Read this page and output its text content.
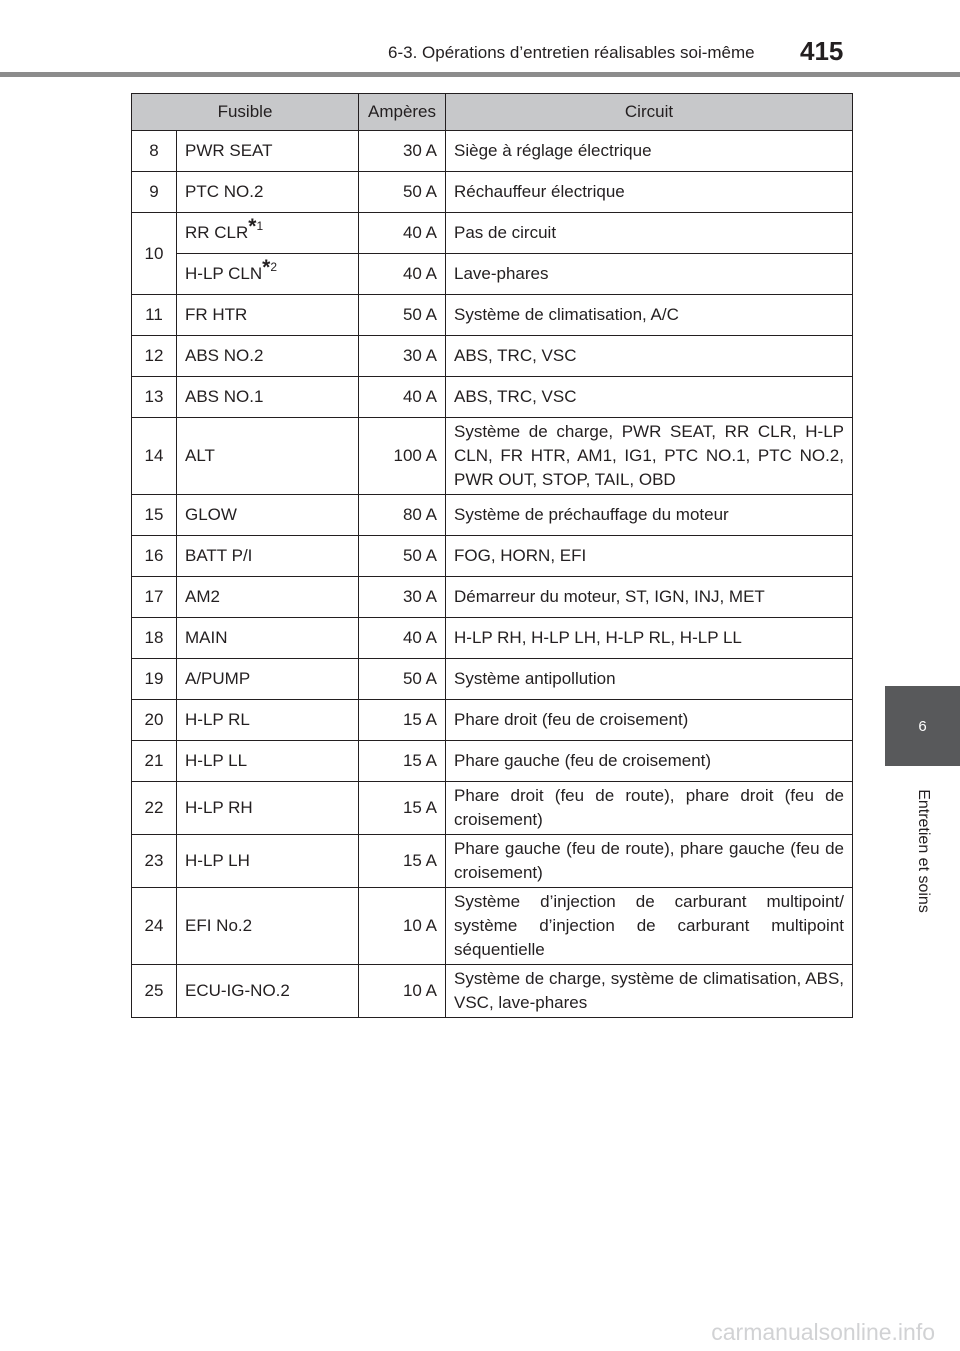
6-3. Opérations d’entretien réalisables soi-même	415
6
Entretien et soins
Fusible		Ampères	Circuit
8	PWR SEAT	30 A	Siège à réglage électrique
9	PTC NO.2	50 A	Réchauffeur électrique
10	RR CLR*$^1$	40 A	Pas de circuit
	H-LP CLN*$^2$	40 A	Lave-phares
11	FR HTR	50 A	Système de climatisation, A/C
12	ABS NO.2	30 A	ABS, TRC, VSC
13	ABS NO.1	40 A	ABS, TRC, VSC
14	ALT	100 A	Système de charge, PWR SEAT, RR CLR, H-LP CLN, FR HTR, AM1, IG1, PTC NO.1, PTC NO.2, PWR OUT, STOP, TAIL, OBD
15	GLOW	80 A	Système de préchauffage du moteur
16	BATT P/I	50 A	FOG, HORN, EFI
17	AM2	30 A	Démarreur du moteur, ST, IGN, INJ, MET
18	MAIN	40 A	H-LP RH, H-LP LH, H-LP RL, H-LP LL
19	A/PUMP	50 A	Système antipollution
20	H-LP RL	15 A	Phare droit (feu de croisement)
21	H-LP LL	15 A	Phare gauche (feu de croisement)
22	H-LP RH	15 A	Phare droit (feu de route), phare droit (feu de croisement)
23	H-LP LH	15 A	Phare gauche (feu de route), phare gauche (feu de croisement)
24	EFI No.2	10 A	Système d’injection de carburant multipoint/ système d’injection de carburant multipoint séquentielle
25	ECU-IG-NO.2	10 A	Système de charge, système de climatisation, ABS, VSC, lave-phares
carmanualsonline.info
